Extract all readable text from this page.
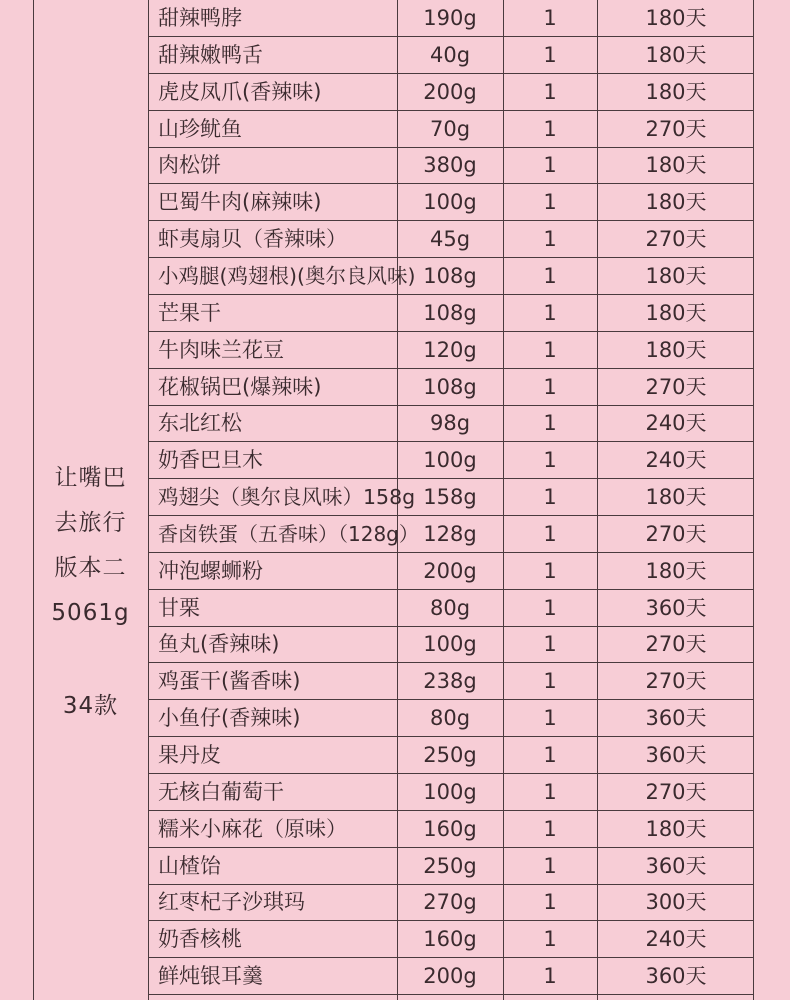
让嘴巴
去旅行
版本二
5061g
34款
甜辣鸭脖	190g	1	180天
甜辣嫩鸭舌	40g	1	180天
虎皮凤爪(香辣味)	200g	1	180天
山珍鱿鱼	70g	1	270天
肉松饼	380g	1	180天
巴蜀牛肉(麻辣味)	100g	1	180天
虾夷扇贝（香辣味）	45g	1	270天
小鸡腿(鸡翅根)(奥尔良风味) 108g	1	180天
芒果干	108g	1	180天
牛肉味兰花豆	120g	1	180天
花椒锅巴(爆辣味)	108g	1	270天
东北红松	98g	1	240天
奶香巴旦木	100g	1	240天
鸡翅尖（奥尔良风味）158g 158g	1	180天
香卤铁蛋（五香味）（128g） 128g	1	270天
冲泡螺蛳粉	200g	1	180天
甘栗	80g	1	360天
鱼丸(香辣味)	100g	1	270天
鸡蛋干(酱香味)	238g	1	270天
小鱼仔(香辣味)	80g	1	360天
果丹皮	250g	1	360天
无核白葡萄干	100g	1	270天
糯米小麻花（原味）	160g	1	180天
山楂饴	250g	1	360天
红枣杞子沙琪玛	270g	1	300天
奶香核桃	160g	1	240天
鲜炖银耳羹	200g	1	360天
